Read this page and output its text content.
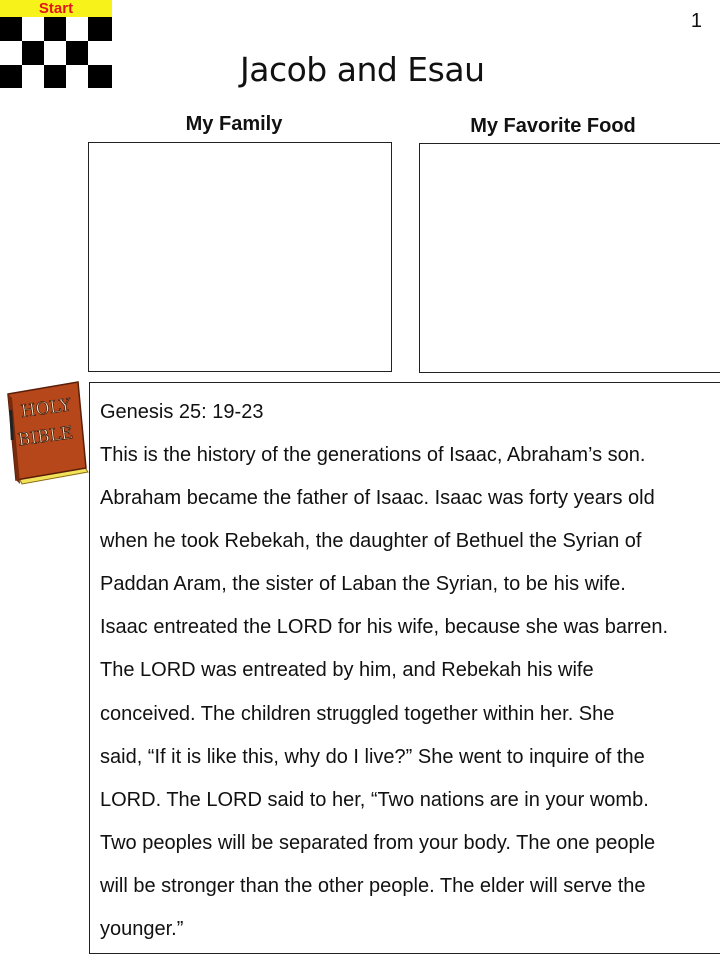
Start
1
Jacob and Esau
My Family	My Favorite Food
HOLY
BIBLE

Genesis 25: 19-23

This is the history of the generations of Isaac, Abraham’s son.
Abraham became the father of Isaac. Isaac was forty years old
when he took Rebekah, the daughter of Bethuel the Syrian of
Paddan Aram, the sister of Laban the Syrian, to be his wife.
Isaac entreated the LORD for his wife, because she was barren.
The LORD was entreated by him, and Rebekah his wife
conceived. The children struggled together within her. She
said, “If it is like this, why do I live?” She went to inquire of the
LORD. The LORD said to her, “Two nations are in your womb.
Two peoples will be separated from your body. The one people
will be stronger than the other people. The elder will serve the
younger.”
